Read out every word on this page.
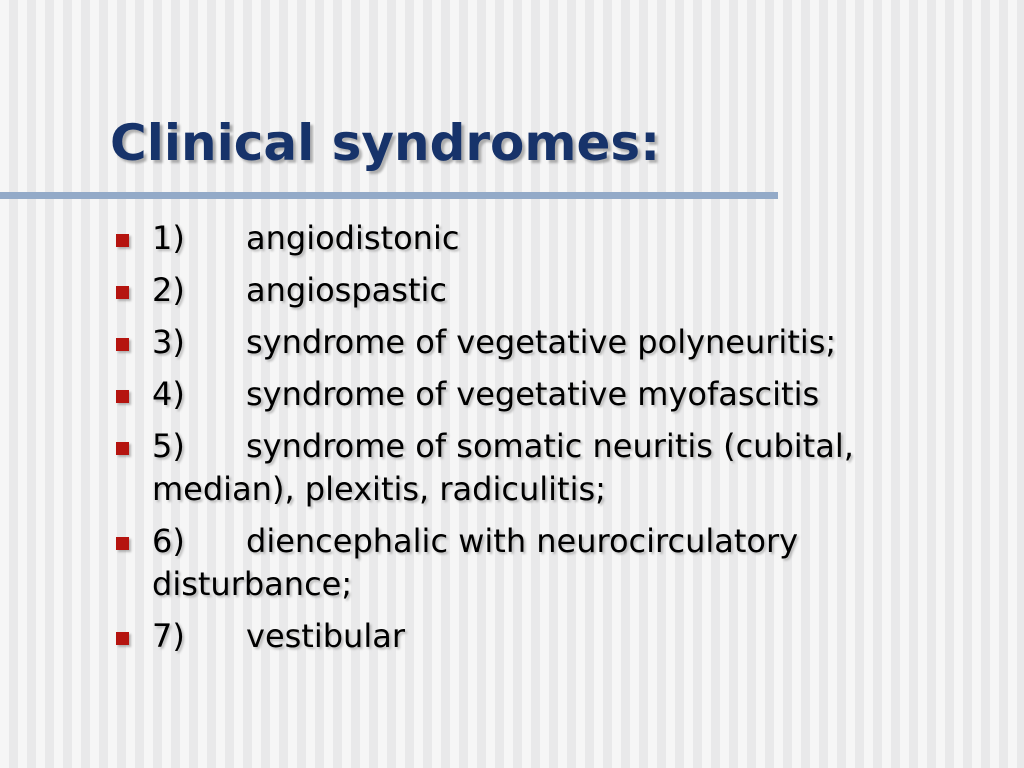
Clinical syndromes:
1) angiodistonic
2) angiospastic
3) syndrome of vegetative polyneuritis;
4) syndrome of vegetative myofascitis
5) syndrome of somatic neuritis (cubital, median), plexitis, radiculitis;
6) diencephalic with neurocirculatory disturbance;
7) vestibular
